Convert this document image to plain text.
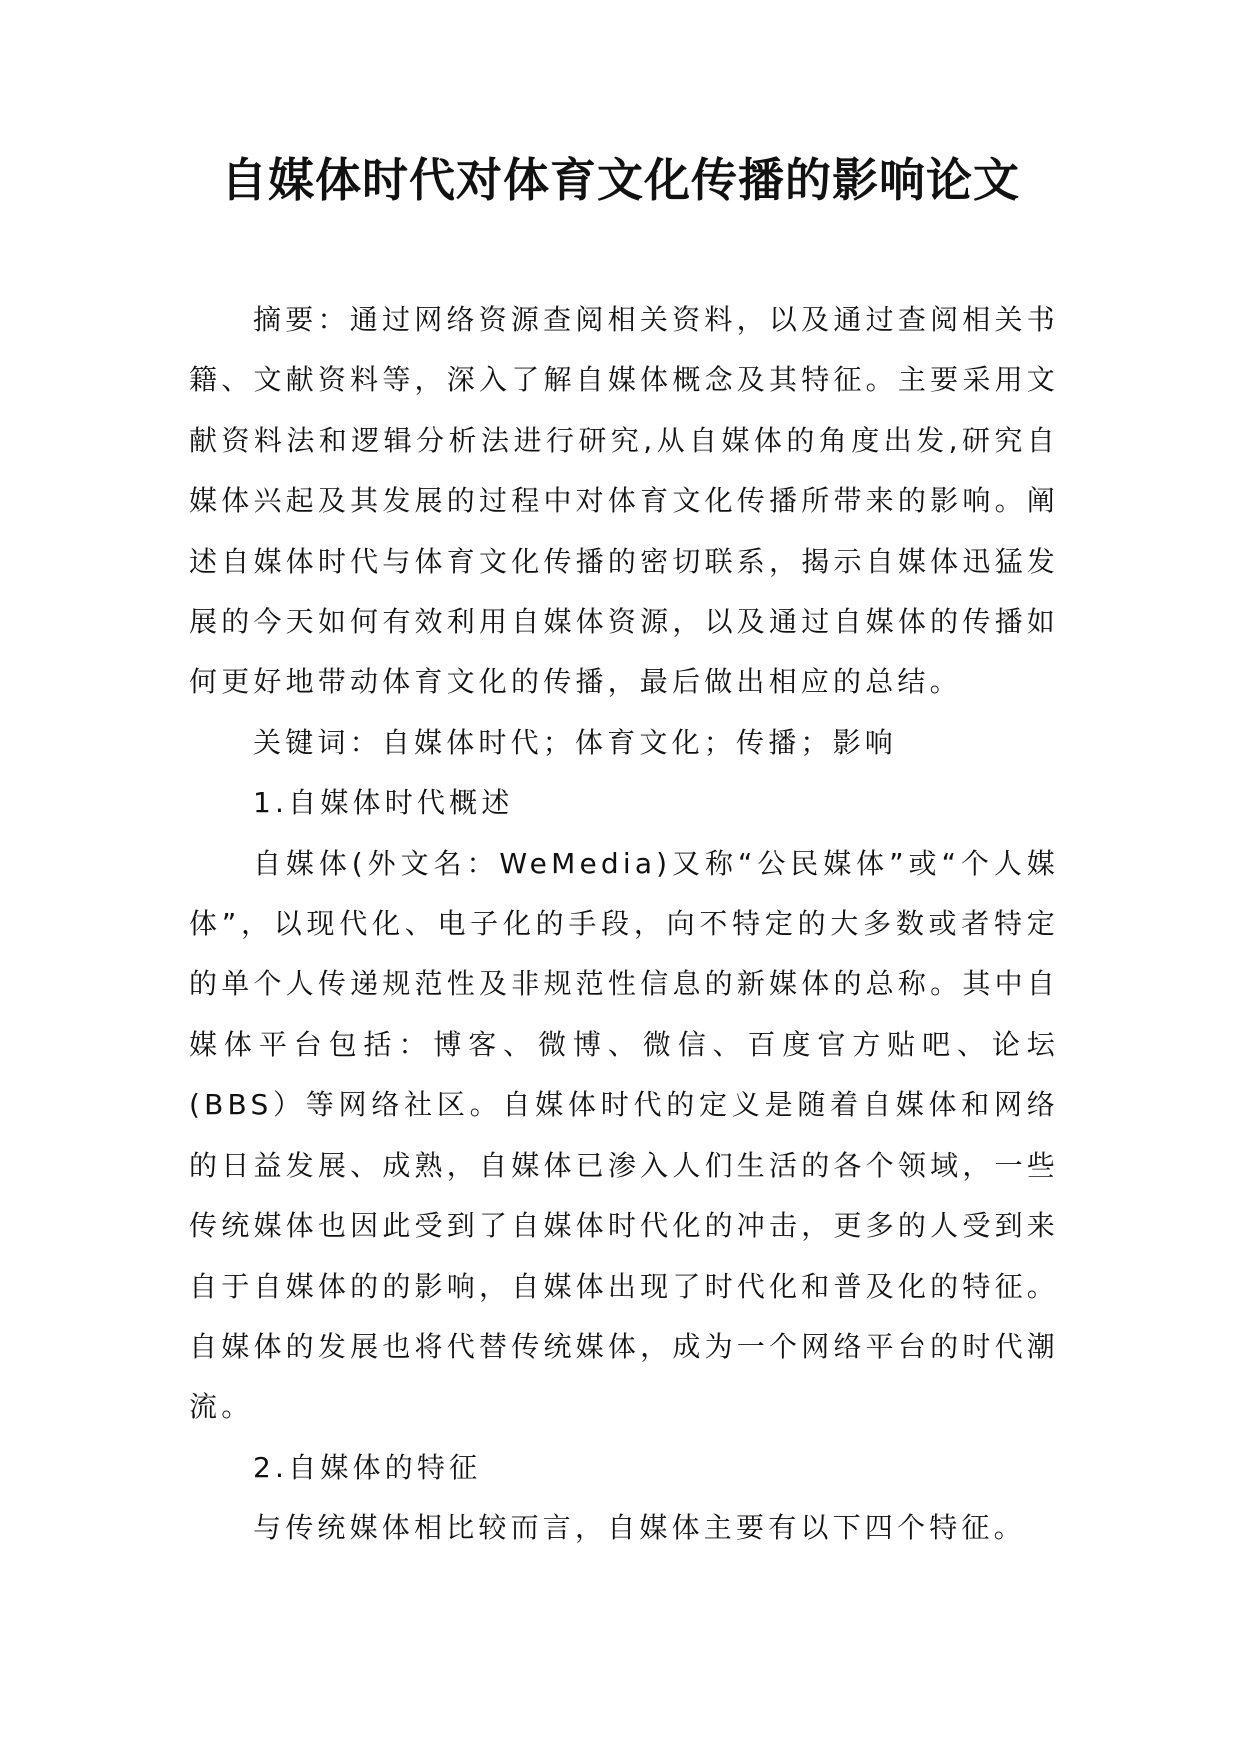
自媒体时代对体育文化传播的影响论文

摘要：通过网络资源查阅相关资料，以及通过查阅相关书籍、文献资料等，深入了解自媒体概念及其特征。主要采用文献资料法和逻辑分析法进行研究,从自媒体的角度出发,研究自媒体兴起及其发展的过程中对体育文化传播所带来的影响。阐述自媒体时代与体育文化传播的密切联系，揭示自媒体迅猛发展的今天如何有效利用自媒体资源，以及通过自媒体的传播如何更好地带动体育文化的传播，最后做出相应的总结。

关键词：自媒体时代；体育文化；传播；影响

1.自媒体时代概述

自媒体(外文名：WeMedia)又称“公民媒体”或“个人媒体”，以现代化、电子化的手段，向不特定的大多数或者特定的单个人传递规范性及非规范性信息的新媒体的总称。其中自媒体平台包括：博客、微博、微信、百度官方贴吧、论坛(BBS）等网络社区。自媒体时代的定义是随着自媒体和网络的日益发展、成熟，自媒体已渗入人们生活的各个领域，一些传统媒体也因此受到了自媒体时代化的冲击，更多的人受到来自于自媒体的的影响，自媒体出现了时代化和普及化的特征。自媒体的发展也将代替传统媒体，成为一个网络平台的时代潮流。

2.自媒体的特征

与传统媒体相比较而言，自媒体主要有以下四个特征。
